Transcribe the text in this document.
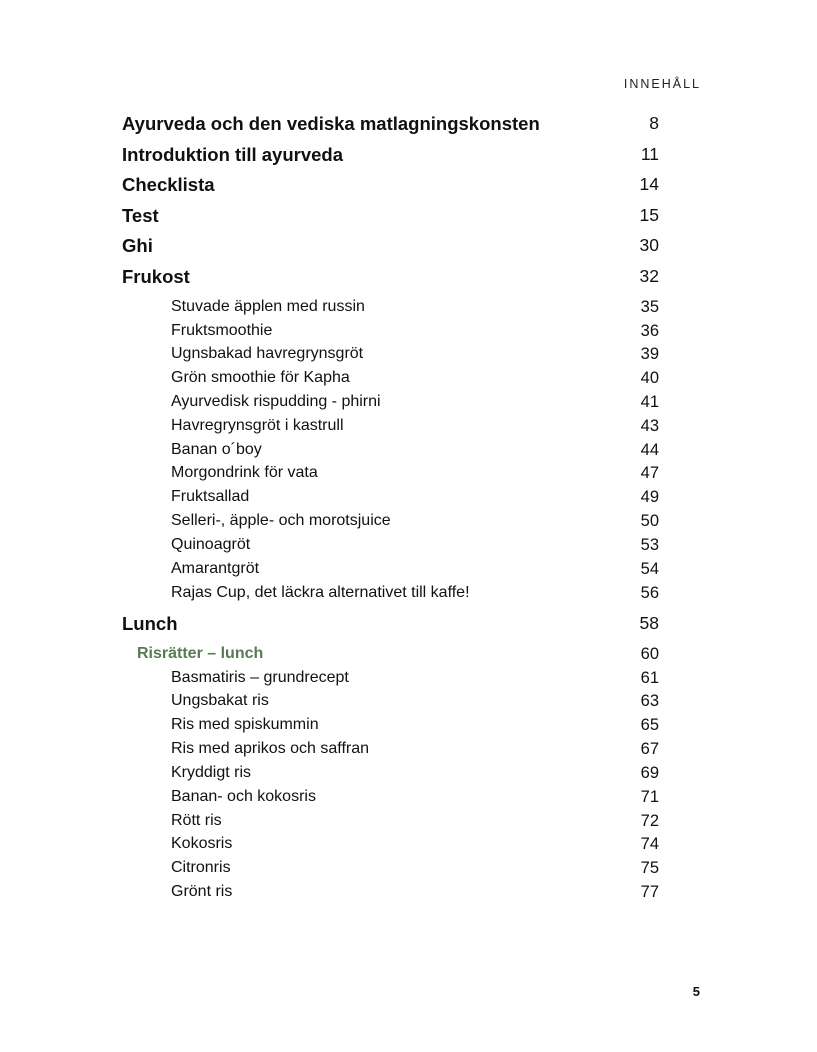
INNEHÅLL
Ayurveda och den vediska matlagningskonsten	8
Introduktion till ayurveda	11
Checklista	14
Test	15
Ghi	30
Frukost	32
Stuvade äpplen med russin	35
Fruktsmoothie	36
Ugnsbakad havregrynsgröt	39
Grön smoothie för Kapha	40
Ayurvedisk rispudding - phirni	41
Havregrynsgröt i kastrull	43
Banan o´boy	44
Morgondrink för vata	47
Fruktsallad	49
Selleri-, äpple- och morotsjuice	50
Quinoagröt	53
Amarantgröt	54
Rajas Cup, det läckra alternativet till kaffe!	56
Lunch	58
Risrätter – lunch	60
Basmatiris – grundrecept	61
Ungsbakat ris	63
Ris med spiskummin	65
Ris med aprikos och saffran	67
Kryddigt ris	69
Banan- och kokosris	71
Rött ris	72
Kokosris	74
Citronris	75
Grönt ris	77
5
